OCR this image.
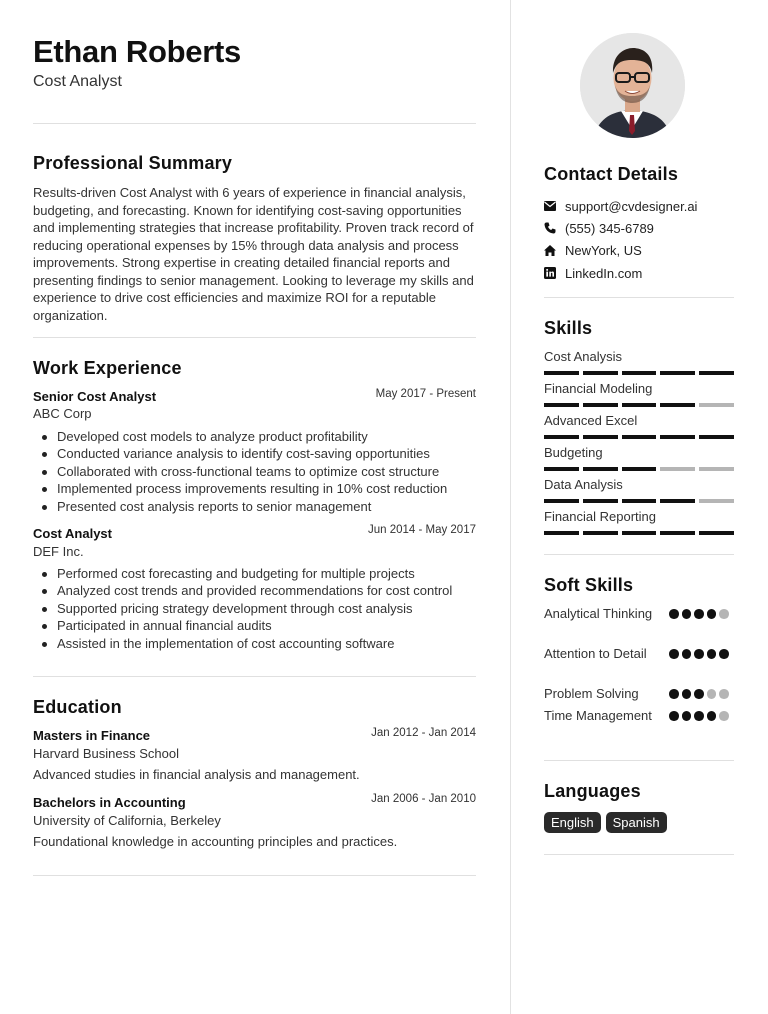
Ethan Roberts
Cost Analyst
Professional Summary
Results-driven Cost Analyst with 6 years of experience in financial analysis, budgeting, and forecasting. Known for identifying cost-saving opportunities and implementing strategies that increase profitability. Proven track record of reducing operational expenses by 15% through data analysis and process improvements. Strong expertise in creating detailed financial reports and presenting findings to senior management. Looking to leverage my skills and experience to drive cost efficiencies and maximize ROI for a reputable organization.
Work Experience
Senior Cost Analyst	May 2017 - Present
ABC Corp
Developed cost models to analyze product profitability
Conducted variance analysis to identify cost-saving opportunities
Collaborated with cross-functional teams to optimize cost structure
Implemented process improvements resulting in 10% cost reduction
Presented cost analysis reports to senior management
Cost Analyst	Jun 2014 - May 2017
DEF Inc.
Performed cost forecasting and budgeting for multiple projects
Analyzed cost trends and provided recommendations for cost control
Supported pricing strategy development through cost analysis
Participated in annual financial audits
Assisted in the implementation of cost accounting software
Education
Masters in Finance	Jan 2012 - Jan 2014
Harvard Business School
Advanced studies in financial analysis and management.
Bachelors in Accounting	Jan 2006 - Jan 2010
University of California, Berkeley
Foundational knowledge in accounting principles and practices.
Contact Details
support@cvdesigner.ai
(555) 345-6789
NewYork, US
LinkedIn.com
Skills
Cost Analysis
Financial Modeling
Advanced Excel
Budgeting
Data Analysis
Financial Reporting
Soft Skills
Analytical Thinking
Attention to Detail
Problem Solving
Time Management
Languages
English	Spanish
